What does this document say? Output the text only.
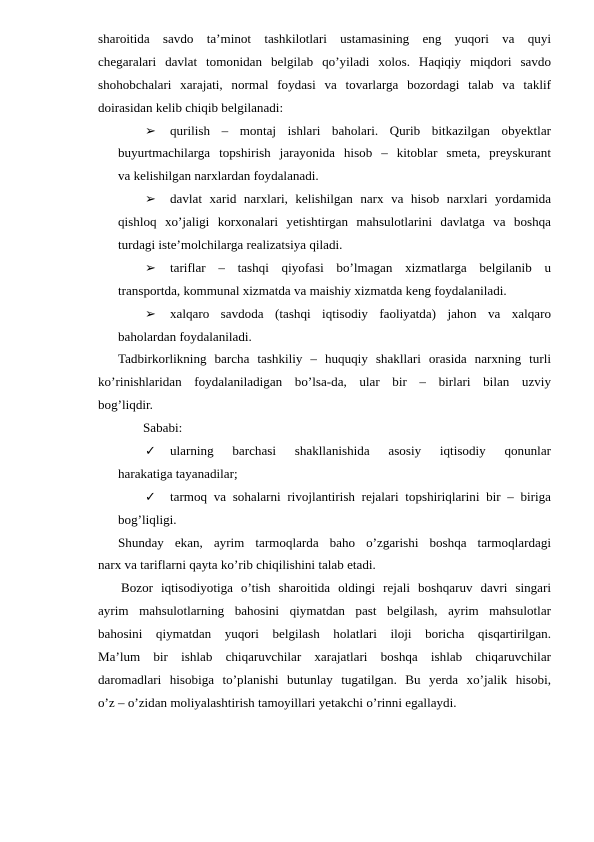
sharoitida savdo ta’minot tashkilotlari ustamasining eng yuqori va quyi
chegaralari davlat tomonidan belgilab qo’yiladi xolos. Haqiqiy miqdori savdo
shohobchalari xarajati, normal foydasi va tovarlarga bozordagi talab va taklif
doirasidan kelib chiqib belgilanadi:
➢ qurilish – montaj ishlari baholari. Qurib bitkazilgan obyektlar
buyurtmachilarga topshirish jarayonida hisob – kitoblar smeta, preyskurant
va kelishilgan narxlardan foydalanadi.
➢ davlat xarid narxlari, kelishilgan narx va hisob narxlari yordamida
qishloq xo’jaligi korxonalari yetishtirgan mahsulotlarini davlatga va boshqa
turdagi iste’molchilarga realizatsiya qiladi.
➢ tariflar – tashqi qiyofasi bo’lmagan xizmatlarga belgilanib u
transportda, kommunal xizmatda va maishiy xizmatda keng foydalaniladi.
➢ xalqaro savdoda (tashqi iqtisodiy faoliyatda) jahon va xalqaro
baholardan foydalaniladi.
Tadbirkorlikning barcha tashkiliy – huquqiy shakllari orasida narxning turli
ko’rinishlaridan foydalaniladigan bo’lsa-da, ular bir – birlari bilan uzviy
bog’liqdir.
Sababi:
✓ ularning barchasi shakllanishida asosiy iqtisodiy qonunlar
harakatiga tayanadilar;
✓ tarmoq va sohalarni rivojlantirish rejalari topshiriqlarini bir – biriga
bog’liqligi.
Shunday ekan, ayrim tarmoqlarda baho o’zgarishi boshqa tarmoqlardagi
narx va tariflarni qayta ko’rib chiqilishini talab etadi.
Bozor iqtisodiyotiga o’tish sharoitida oldingi rejali boshqaruv davri singari
ayrim mahsulotlarning bahosini qiymatdan past belgilash, ayrim mahsulotlar
bahosini qiymatdan yuqori belgilash holatlari iloji boricha qisqartirilgan.
Ma’lum bir ishlab chiqaruvchilar xarajatlari boshqa ishlab chiqaruvchilar
daromadlari hisobiga to’planishi butunlay tugatilgan. Bu yerda xo’jalik hisobi,
o’z – o’zidan moliyalashtirish tamoyillari yetakchi o’rinni egallaydi.
